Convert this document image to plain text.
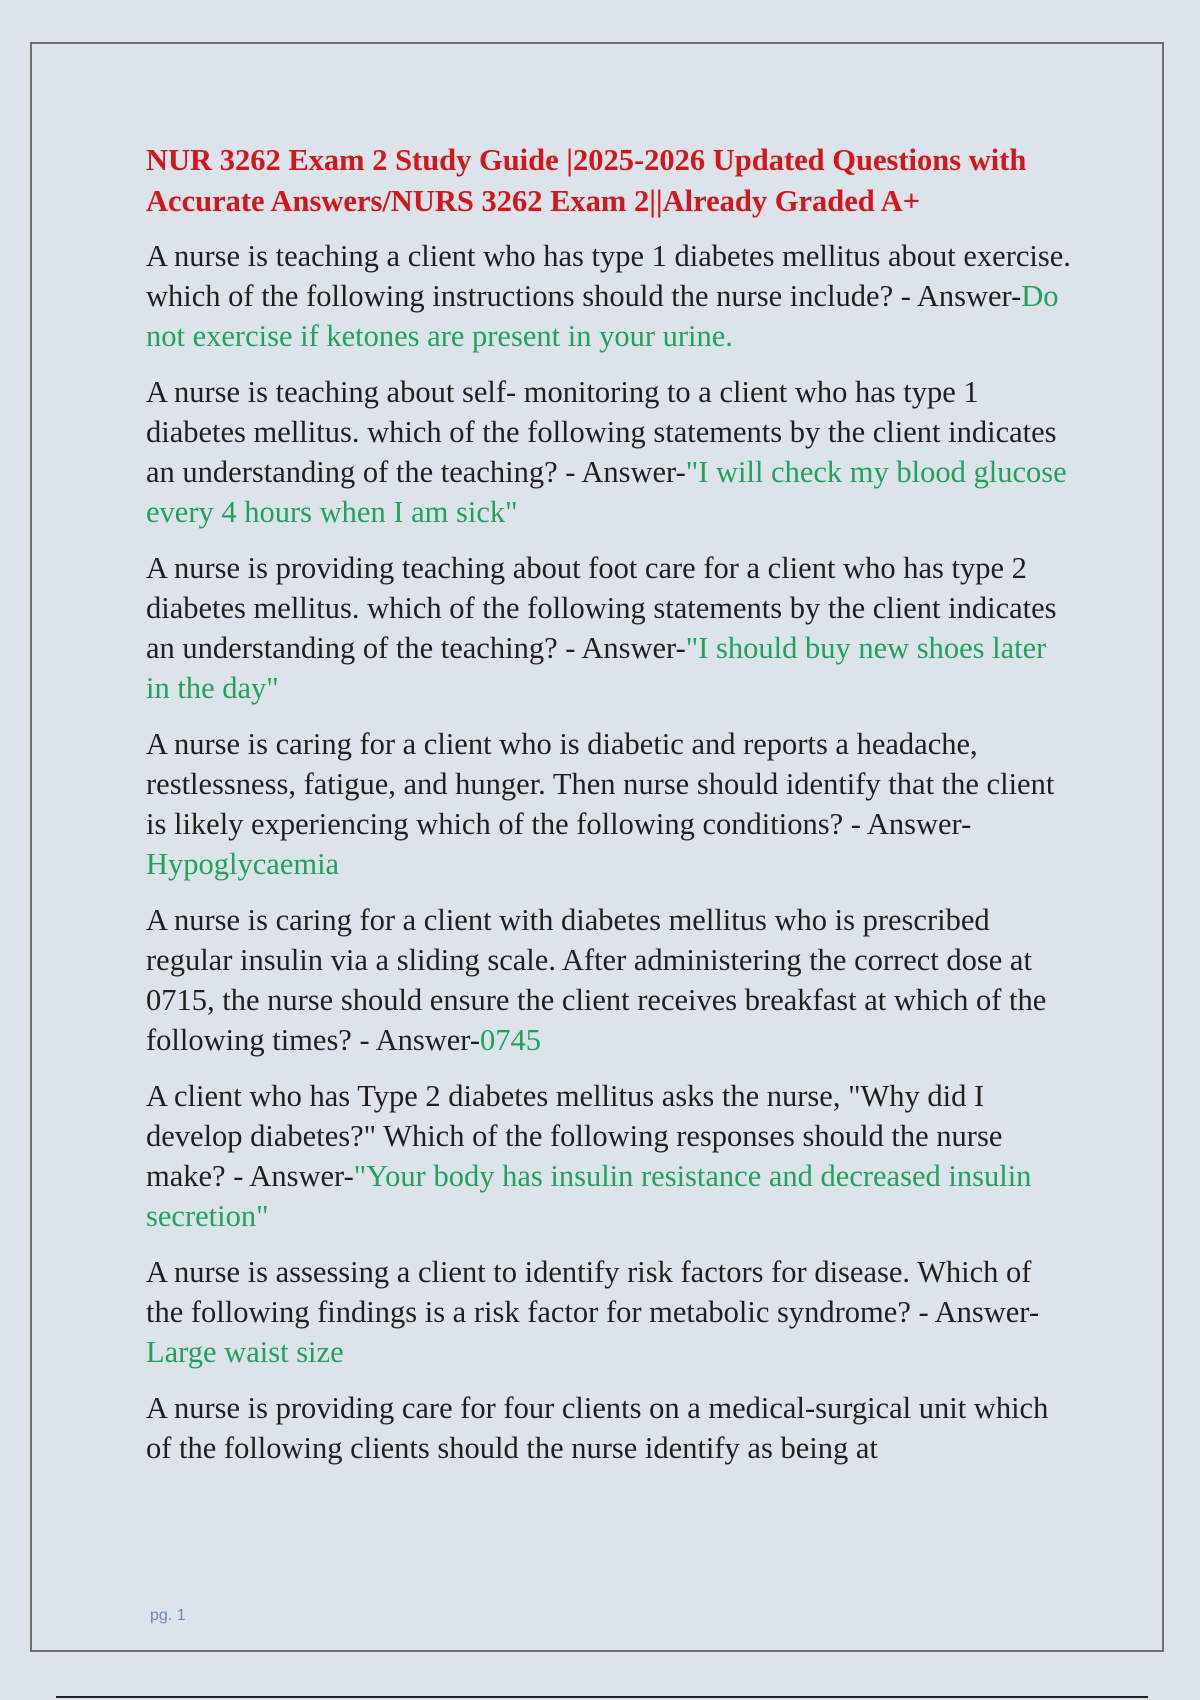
NUR 3262 Exam 2 Study Guide |2025-2026 Updated Questions with Accurate Answers/NURS 3262 Exam 2||Already Graded A+
A nurse is teaching a client who has type 1 diabetes mellitus about exercise. which of the following instructions should the nurse include? - Answer-Do not exercise if ketones are present in your urine.
A nurse is teaching about self- monitoring to a client who has type 1 diabetes mellitus. which of the following statements by the client indicates an understanding of the teaching? - Answer-"I will check my blood glucose every 4 hours when I am sick"
A nurse is providing teaching about foot care for a client who has type 2 diabetes mellitus. which of the following statements by the client indicates an understanding of the teaching? - Answer-"I should buy new shoes later in the day"
A nurse is caring for a client who is diabetic and reports a headache, restlessness, fatigue, and hunger. Then nurse should identify that the client is likely experiencing which of the following conditions? - Answer-Hypoglycaemia
A nurse is caring for a client with diabetes mellitus who is prescribed regular insulin via a sliding scale. After administering the correct dose at 0715, the nurse should ensure the client receives breakfast at which of the following times? - Answer-0745
A client who has Type 2 diabetes mellitus asks the nurse, "Why did I develop diabetes?" Which of the following responses should the nurse make? - Answer-"Your body has insulin resistance and decreased insulin secretion"
A nurse is assessing a client to identify risk factors for disease. Which of the following findings is a risk factor for metabolic syndrome? - Answer-Large waist size
A nurse is providing care for four clients on a medical-surgical unit which of the following clients should the nurse identify as being at
pg. 1
